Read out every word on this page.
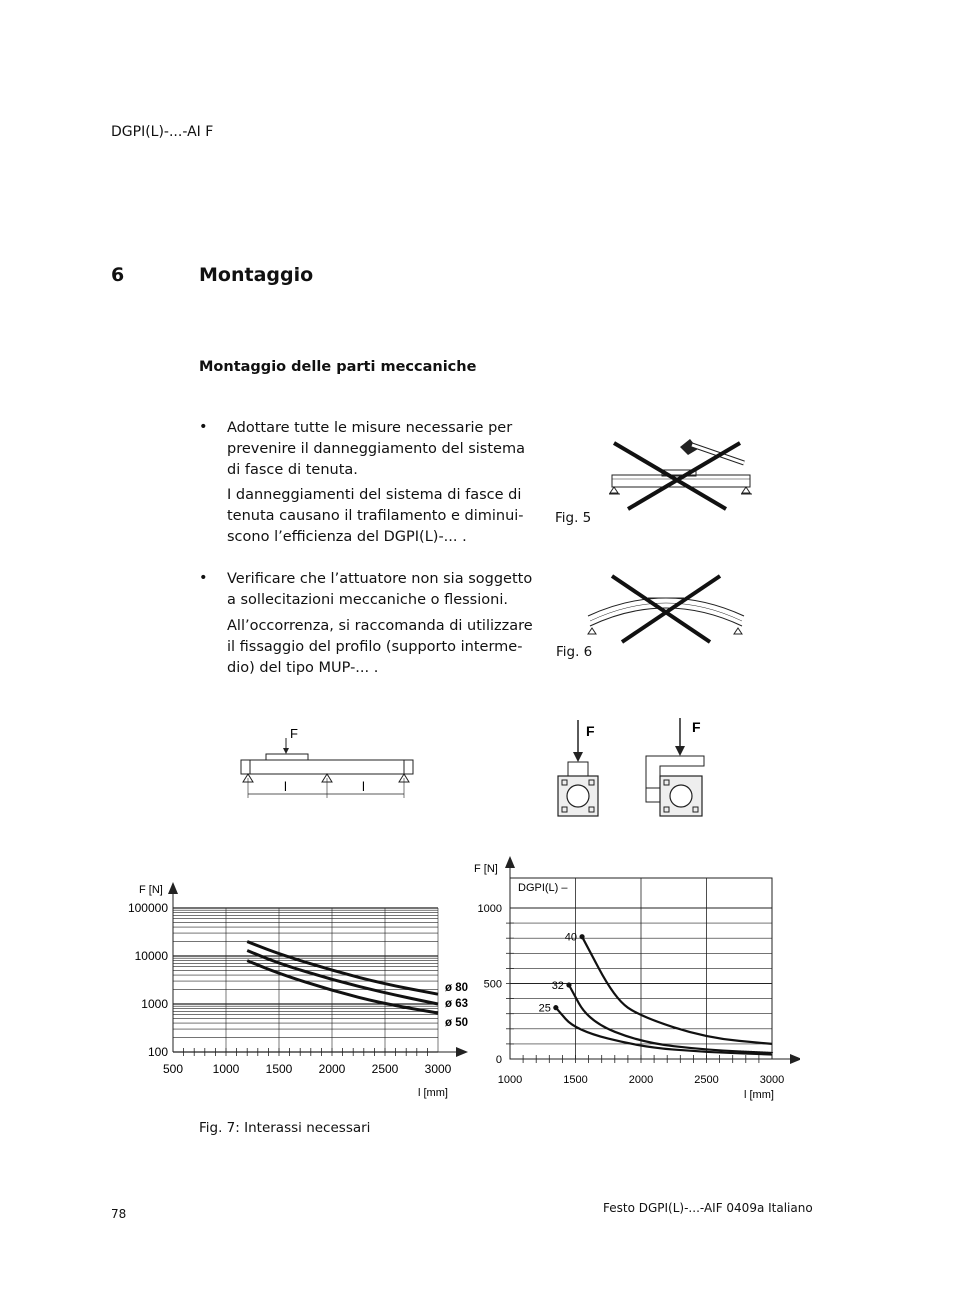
DGPI(L)-...-AI F
6	Montaggio
Montaggio delle parti meccaniche
• Adottare tutte le misure necessarie per prevenire il danneggiamento del sistema di fasce di tenuta.

I danneggiamenti del sistema di fasce di tenuta causano il trafilamento e diminui-scono l’efficienza del DGPI(L)-... .

• Verificare che l’attuatore non sia soggetto a sollecitazioni meccaniche o flessioni.

All’occorrenza, si raccomanda di utilizzare il fissaggio del profilo (supporto interme-dio) del tipo MUP-... .

Fig. 5
Fig. 6
F
l	l
F	F
500 1000 1500 2000 2500 3000
100
1000
10000
100000
F [N]
l [mm]
ø 80
ø 63
ø 50
1000	1500	2000	2500	3000
0
500
1000
F [N]
l [mm]
DGPI(L) –
40
32
25
Fig. 7: Interassi necessari
78	Festo DGPI(L)-...-AIF 0409a Italiano
